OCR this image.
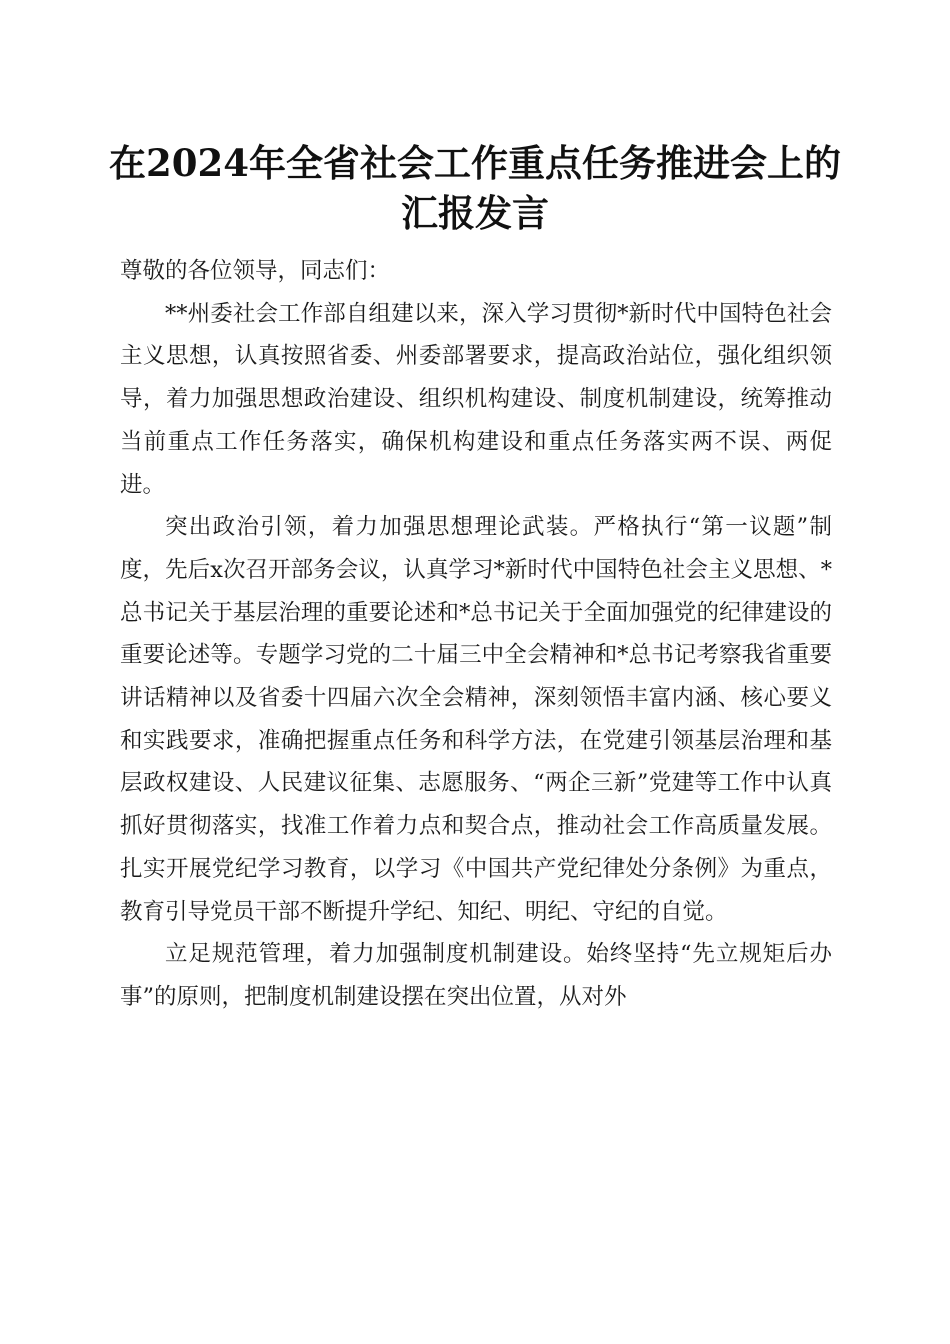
在2024年全省社会工作重点任务推进会上的
汇报发言

尊敬的各位领导，同志们：

**州委社会工作部自组建以来，深入学习贯彻*新时代中国特色社会主义思想，认真按照省委、州委部署要求，提高政治站位，强化组织领导，着力加强思想政治建设、组织机构建设、制度机制建设，统筹推动当前重点工作任务落实，确保机构建设和重点任务落实两不误、两促进。

突出政治引领，着力加强思想理论武装。严格执行“第一议题”制度，先后x次召开部务会议，认真学习*新时代中国特色社会主义思想、*总书记关于基层治理的重要论述和*总书记关于全面加强党的纪律建设的重要论述等。专题学习党的二十届三中全会精神和*总书记考察我省重要讲话精神以及省委十四届六次全会精神，深刻领悟丰富内涵、核心要义和实践要求，准确把握重点任务和科学方法，在党建引领基层治理和基层政权建设、人民建议征集、志愿服务、“两企三新”党建等工作中认真抓好贯彻落实，找准工作着力点和契合点，推动社会工作高质量发展。扎实开展党纪学习教育，以学习《中国共产党纪律处分条例》为重点，教育引导党员干部不断提升学纪、知纪、明纪、守纪的自觉。

立足规范管理，着力加强制度机制建设。始终坚持“先立规矩后办事”的原则，把制度机制建设摆在突出位置，从对外
